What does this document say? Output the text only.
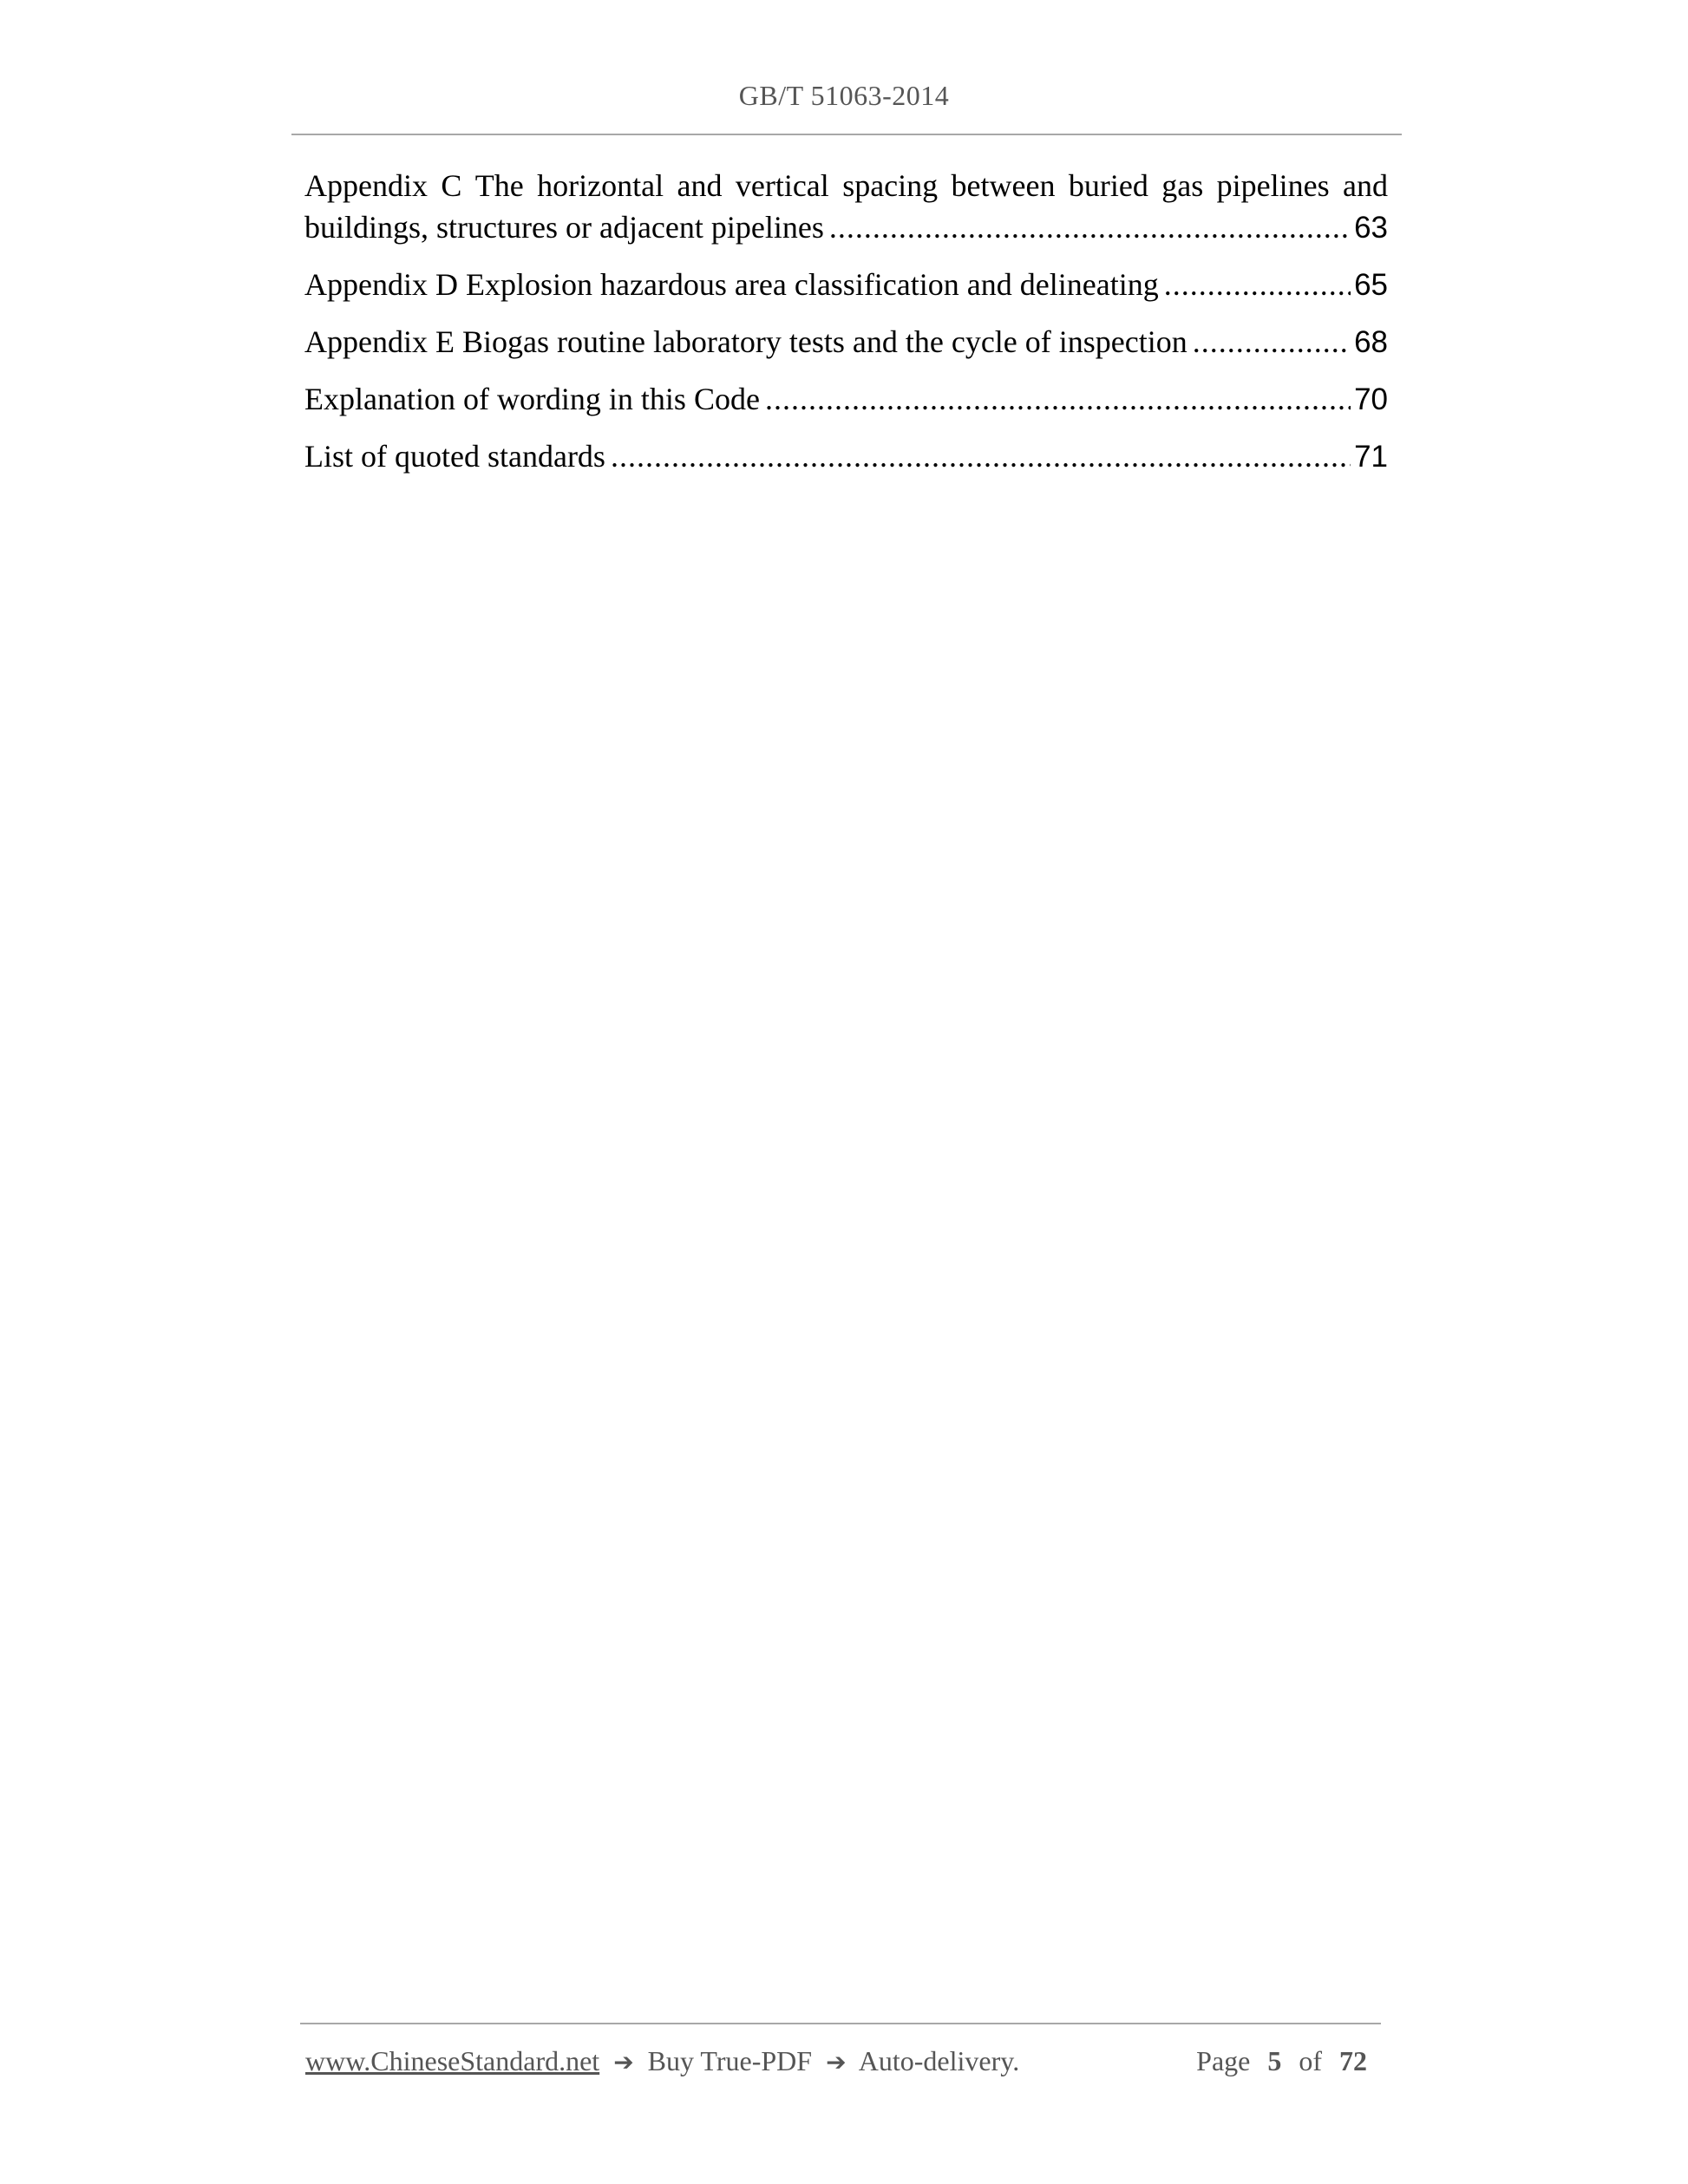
GB/T 51063-2014
Appendix C The horizontal and vertical spacing between buried gas pipelines and
buildings, structures or adjacent pipelines .....	63
Appendix D Explosion hazardous area classification and delineating .....	65
Appendix E Biogas routine laboratory tests and the cycle of inspection .....	68
Explanation of wording in this Code .....	70
List of quoted standards .....	71
www.ChineseStandard.net ➔ Buy True-PDF ➔ Auto-delivery.	Page 5 of 72
